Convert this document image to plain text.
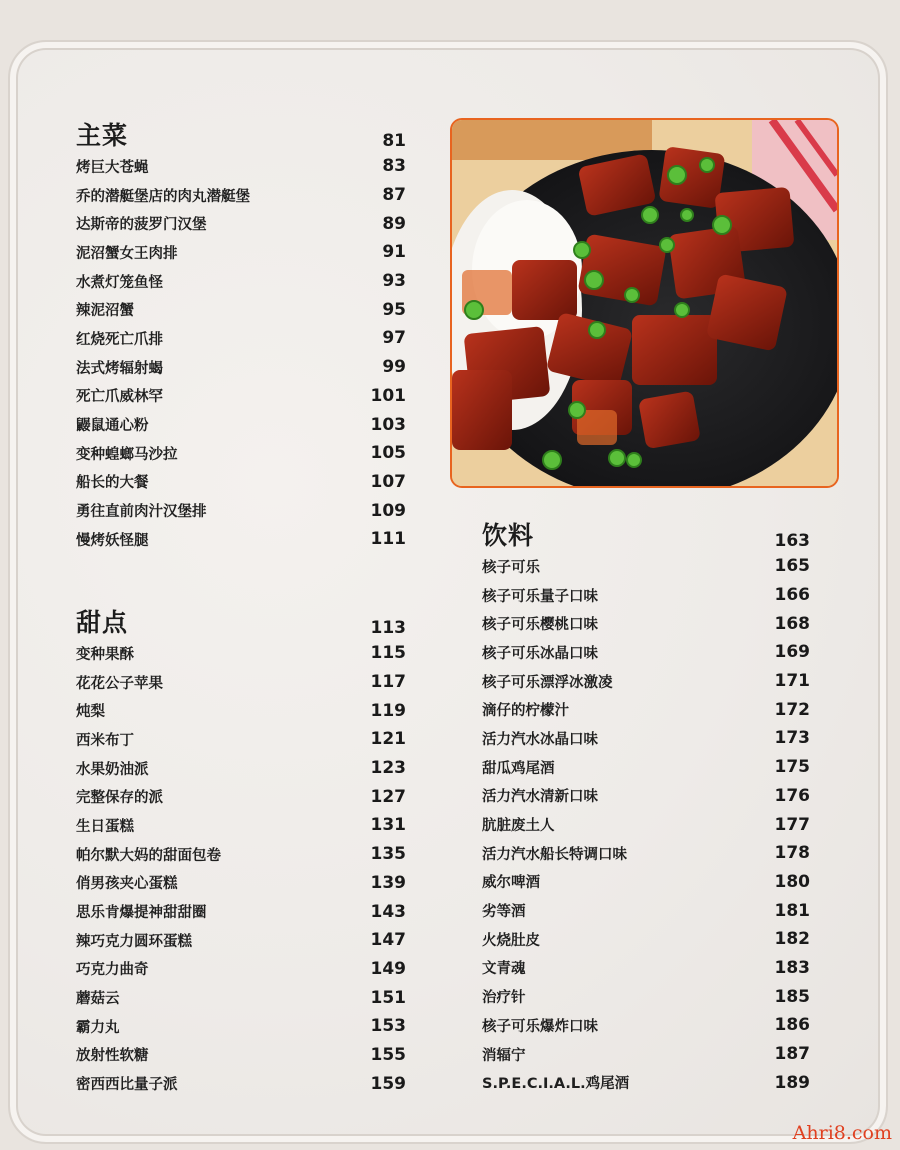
主菜	81
烤巨大苍蝇	83
乔的潜艇堡店的肉丸潜艇堡	87
达斯帝的菠罗门汉堡	89
泥沼蟹女王肉排	91
水煮灯笼鱼怪	93
辣泥沼蟹	95
红烧死亡爪排	97
法式烤辐射蝎	99
死亡爪威林罕	101
鼹鼠通心粉	103
变种蝗螂马沙拉	105
船长的大餐	107
勇往直前肉汁汉堡排	109
慢烤妖怪腿	111
甜点	113
变种果酥	115
花花公子苹果	117
炖梨	119
西米布丁	121
水果奶油派	123
完整保存的派	127
生日蛋糕	131
帕尔默大妈的甜面包卷	135
俏男孩夹心蛋糕	139
思乐肯爆提神甜甜圈	143
辣巧克力圆环蛋糕	147
巧克力曲奇	149
蘑菇云	151
霸力丸	153
放射性软糖	155
密西西比量子派	159
饮料	163
核子可乐	165
核子可乐量子口味	166
核子可乐樱桃口味	168
核子可乐冰晶口味	169
核子可乐漂浮冰激凌	171
滴仔的柠檬汁	172
活力汽水冰晶口味	173
甜瓜鸡尾酒	175
活力汽水清新口味	176
肮脏废土人	177
活力汽水船长特调口味	178
威尔啤酒	180
劣等酒	181
火烧肚皮	182
文青魂	183
治疗针	185
核子可乐爆炸口味	186
消辐宁	187
S.P.E.C.I.A.L.鸡尾酒	189
Ahri8.com
